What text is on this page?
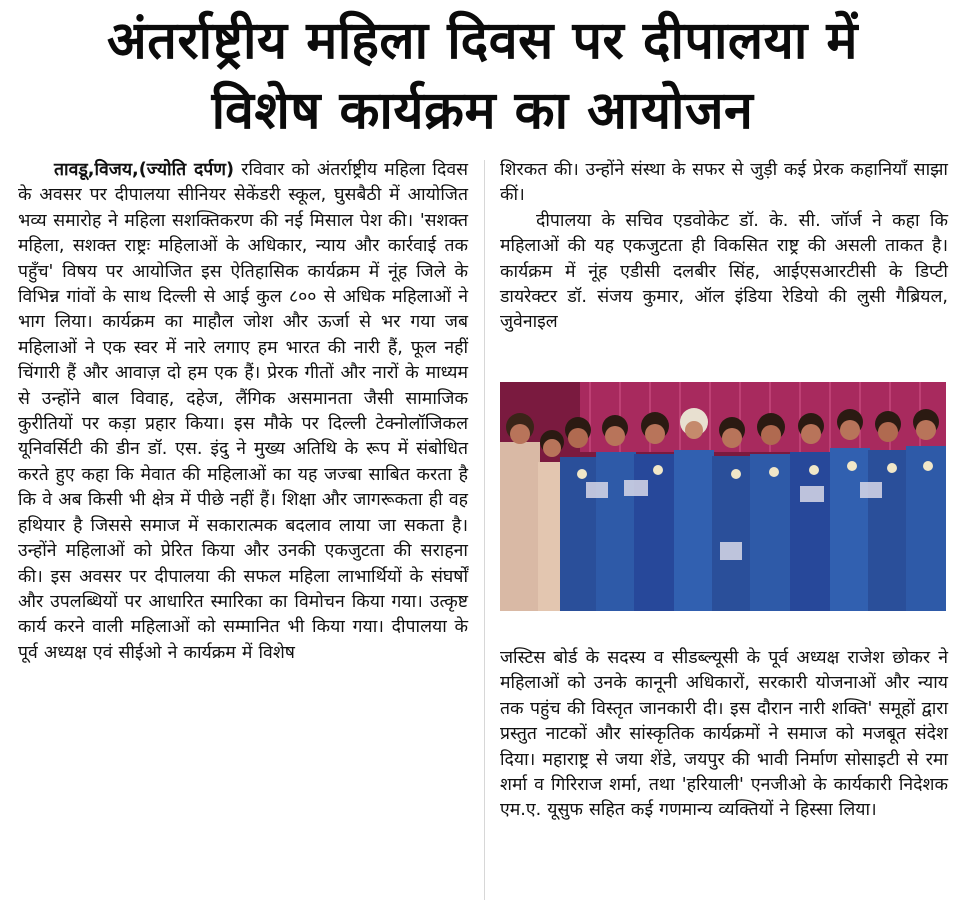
अंतर्राष्ट्रीय महिला दिवस पर दीपालया में
विशेष कार्यक्रम का आयोजन

तावडू,विजय,(ज्योति दर्पण) रविवार को अंतर्राष्ट्रीय महिला दिवस के अवसर पर दीपालया सीनियर सेकेंडरी स्कूल, घुसबैठी में आयोजित भव्य समारोह ने महिला सशक्तिकरण की नई मिसाल पेश की। 'सशक्त महिला, सशक्त राष्ट्रः महिलाओं के अधिकार, न्याय और कार्रवाई तक पहुँच' विषय पर आयोजित इस ऐतिहासिक कार्यक्रम में नूंह जिले के विभिन्न गांवों के साथ दिल्ली से आई कुल ८०० से अधिक महिलाओं ने भाग लिया। कार्यक्रम का माहौल जोश और ऊर्जा से भर गया जब महिलाओं ने एक स्वर में नारे लगाए हम भारत की नारी हैं, फूल नहीं चिंगारी हैं और आवाज़ दो हम एक हैं। प्रेरक गीतों और नारों के माध्यम से उन्होंने बाल विवाह, दहेज, लैंगिक असमानता जैसी सामाजिक कुरीतियों पर कड़ा प्रहार किया। इस मौके पर दिल्ली टेक्नोलॉजिकल यूनिवर्सिटी की डीन डॉ. एस. इंदु ने मुख्य अतिथि के रूप में संबोधित करते हुए कहा कि मेवात की महिलाओं का यह जज्बा साबित करता है कि वे अब किसी भी क्षेत्र में पीछे नहीं हैं। शिक्षा और जागरूकता ही वह हथियार है जिससे समाज में सकारात्मक बदलाव लाया जा सकता है। उन्होंने महिलाओं को प्रेरित किया और उनकी एकजुटता की सराहना की। इस अवसर पर दीपालया की सफल महिला लाभार्थियों के संघर्षों और उपलब्धियों पर आधारित स्मारिका का विमोचन किया गया। उत्कृष्ट कार्य करने वाली महिलाओं को सम्मानित भी किया गया। दीपालया के पूर्व अध्यक्ष एवं सीईओ ने कार्यक्रम में विशेष

शिरकत की। उन्होंने संस्था के सफर से जुड़ी कई प्रेरक कहानियाँ साझा कीं।

दीपालया के सचिव एडवोकेट डॉ. के. सी. जॉर्ज ने कहा कि महिलाओं की यह एकजुटता ही विकसित राष्ट्र की असली ताकत है। कार्यक्रम में नूंह एडीसी दलबीर सिंह, आईएसआरटीसी के डिप्टी डायरेक्टर डॉ. संजय कुमार, ऑल इंडिया रेडियो की लुसी गैब्रियल, जुवेनाइल

जस्टिस बोर्ड के सदस्य व सीडब्ल्यूसी के पूर्व अध्यक्ष राजेश छोकर ने महिलाओं को उनके कानूनी अधिकारों, सरकारी योजनाओं और न्याय तक पहुंच की विस्तृत जानकारी दी। इस दौरान नारी शक्ति' समूहों द्वारा प्रस्तुत नाटकों और सांस्कृतिक कार्यक्रमों ने समाज को मजबूत संदेश दिया। महाराष्ट्र से जया शेंडे, जयपुर की भावी निर्माण सोसाइटी से रमा शर्मा व गिरिराज शर्मा, तथा 'हरियाली' एनजीओ के कार्यकारी निदेशक एम.ए. यूसुफ सहित कई गणमान्य व्यक्तियों ने हिस्सा लिया।
